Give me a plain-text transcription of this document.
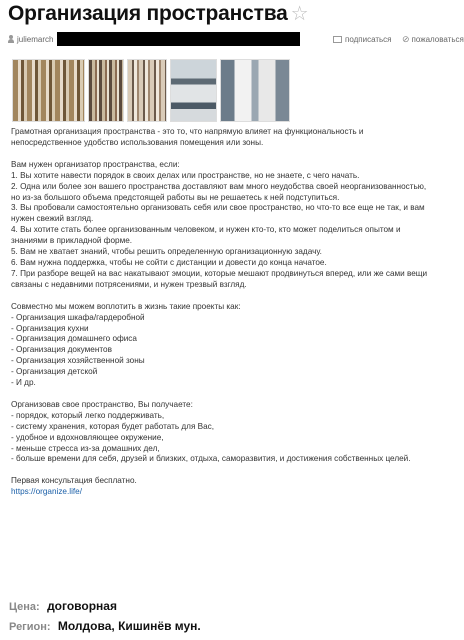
Организация пространства ☆
juliemarch	подписаться ⊘ пожаловаться

Грамотная организация пространства - это то, что напрямую влияет на функциональность и непосредственное удобство использования помещения или зоны.

Вам нужен организатор пространства, если:

1. Вы хотите навести порядок в своих делах или пространстве, но не знаете, с чего начать.

2. Одна или более зон вашего пространства доставляют вам много неудобства своей неорганизованностью, но из-за большого объема предстоящей работы вы не решаетесь к ней подступиться.

3. Вы пробовали самостоятельно организовать себя или свое пространство, но что-то все еще не так, и вам нужен свежий взгляд.

4. Вы хотите стать более организованным человеком, и нужен кто-то, кто может поделиться опытом и знаниями в прикладной форме.

5. Вам не хватает знаний, чтобы решить определенную организационную задачу.

6. Вам нужна поддержка, чтобы не сойти с дистанции и довести до конца начатое.

7. При разборе вещей на вас накатывают эмоции, которые мешают продвинуться вперед, или же сами вещи связаны с недавними потрясениями, и нужен трезвый взгляд.

Совместно мы можем воплотить в жизнь такие проекты как:

- Организация шкафа/гардеробной

- Организация кухни

- Организация домашнего офиса

- Организация документов

- Организация хозяйственной зоны

- Организация детской

- И др.

Организовав свое пространство, Вы получаете:

- порядок, который легко поддерживать,

- систему хранения, которая будет работать для Вас,

- удобное и вдохновляющее окружение,

- меньше стресса из-за домашних дел,

- больше времени для себя, друзей и близких, отдыха, саморазвития, и достижения собственных целей.

Первая консультация бесплатно.

https://organize.life/

Цена: договорная
Регион: Молдова, Кишинёв мун.
